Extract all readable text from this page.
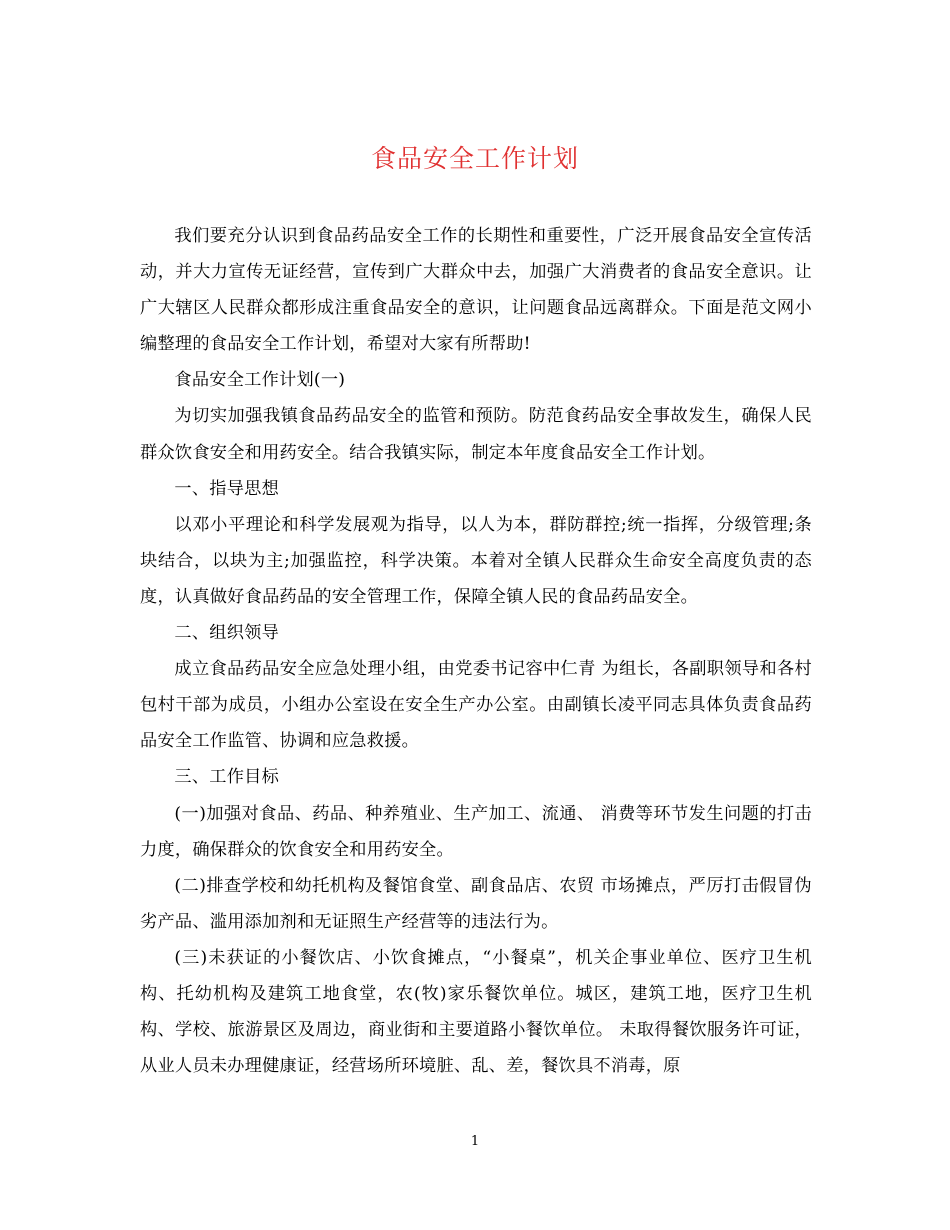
食品安全工作计划

我们要充分认识到食品药品安全工作的长期性和重要性，广泛开展食品安全宣传活动，并大力宣传无证经营，宣传到广大群众中去，加强广大消费者的食品安全意识。让广大辖区人民群众都形成注重食品安全的意识，让问题食品远离群众。下面是范文网小编整理的食品安全工作计划，希望对大家有所帮助!

食品安全工作计划(一)

为切实加强我镇食品药品安全的监管和预防。防范食药品安全事故发生，确保人民群众饮食安全和用药安全。结合我镇实际，制定本年度食品安全工作计划。

一、指导思想

以邓小平理论和科学发展观为指导，以人为本，群防群控;统一指挥，分级管理;条块结合，以块为主;加强监控，科学决策。本着对全镇人民群众生命安全高度负责的态度，认真做好食品药品的安全管理工作，保障全镇人民的食品药品安全。

二、组织领导

成立食品药品安全应急处理小组，由党委书记容中仁青 为组长，各副职领导和各村包村干部为成员，小组办公室设在安全生产办公室。由副镇长凌平同志具体负责食品药品安全工作监管、协调和应急救援。

三、工作目标

(一)加强对食品、药品、种养殖业、生产加工、流通、 消费等环节发生问题的打击力度，确保群众的饮食安全和用药安全。

(二)排查学校和幼托机构及餐馆食堂、副食品店、农贸 市场摊点，严厉打击假冒伪劣产品、滥用添加剂和无证照生产经营等的违法行为。

(三)未获证的小餐饮店、小饮食摊点，“小餐桌”，机关企事业单位、医疗卫生机构、托幼机构及建筑工地食堂，农(牧)家乐餐饮单位。城区，建筑工地，医疗卫生机构、学校、旅游景区及周边，商业街和主要道路小餐饮单位。 未取得餐饮服务许可证，从业人员未办理健康证，经营场所环境脏、乱、差，餐饮具不消毒，原

1
